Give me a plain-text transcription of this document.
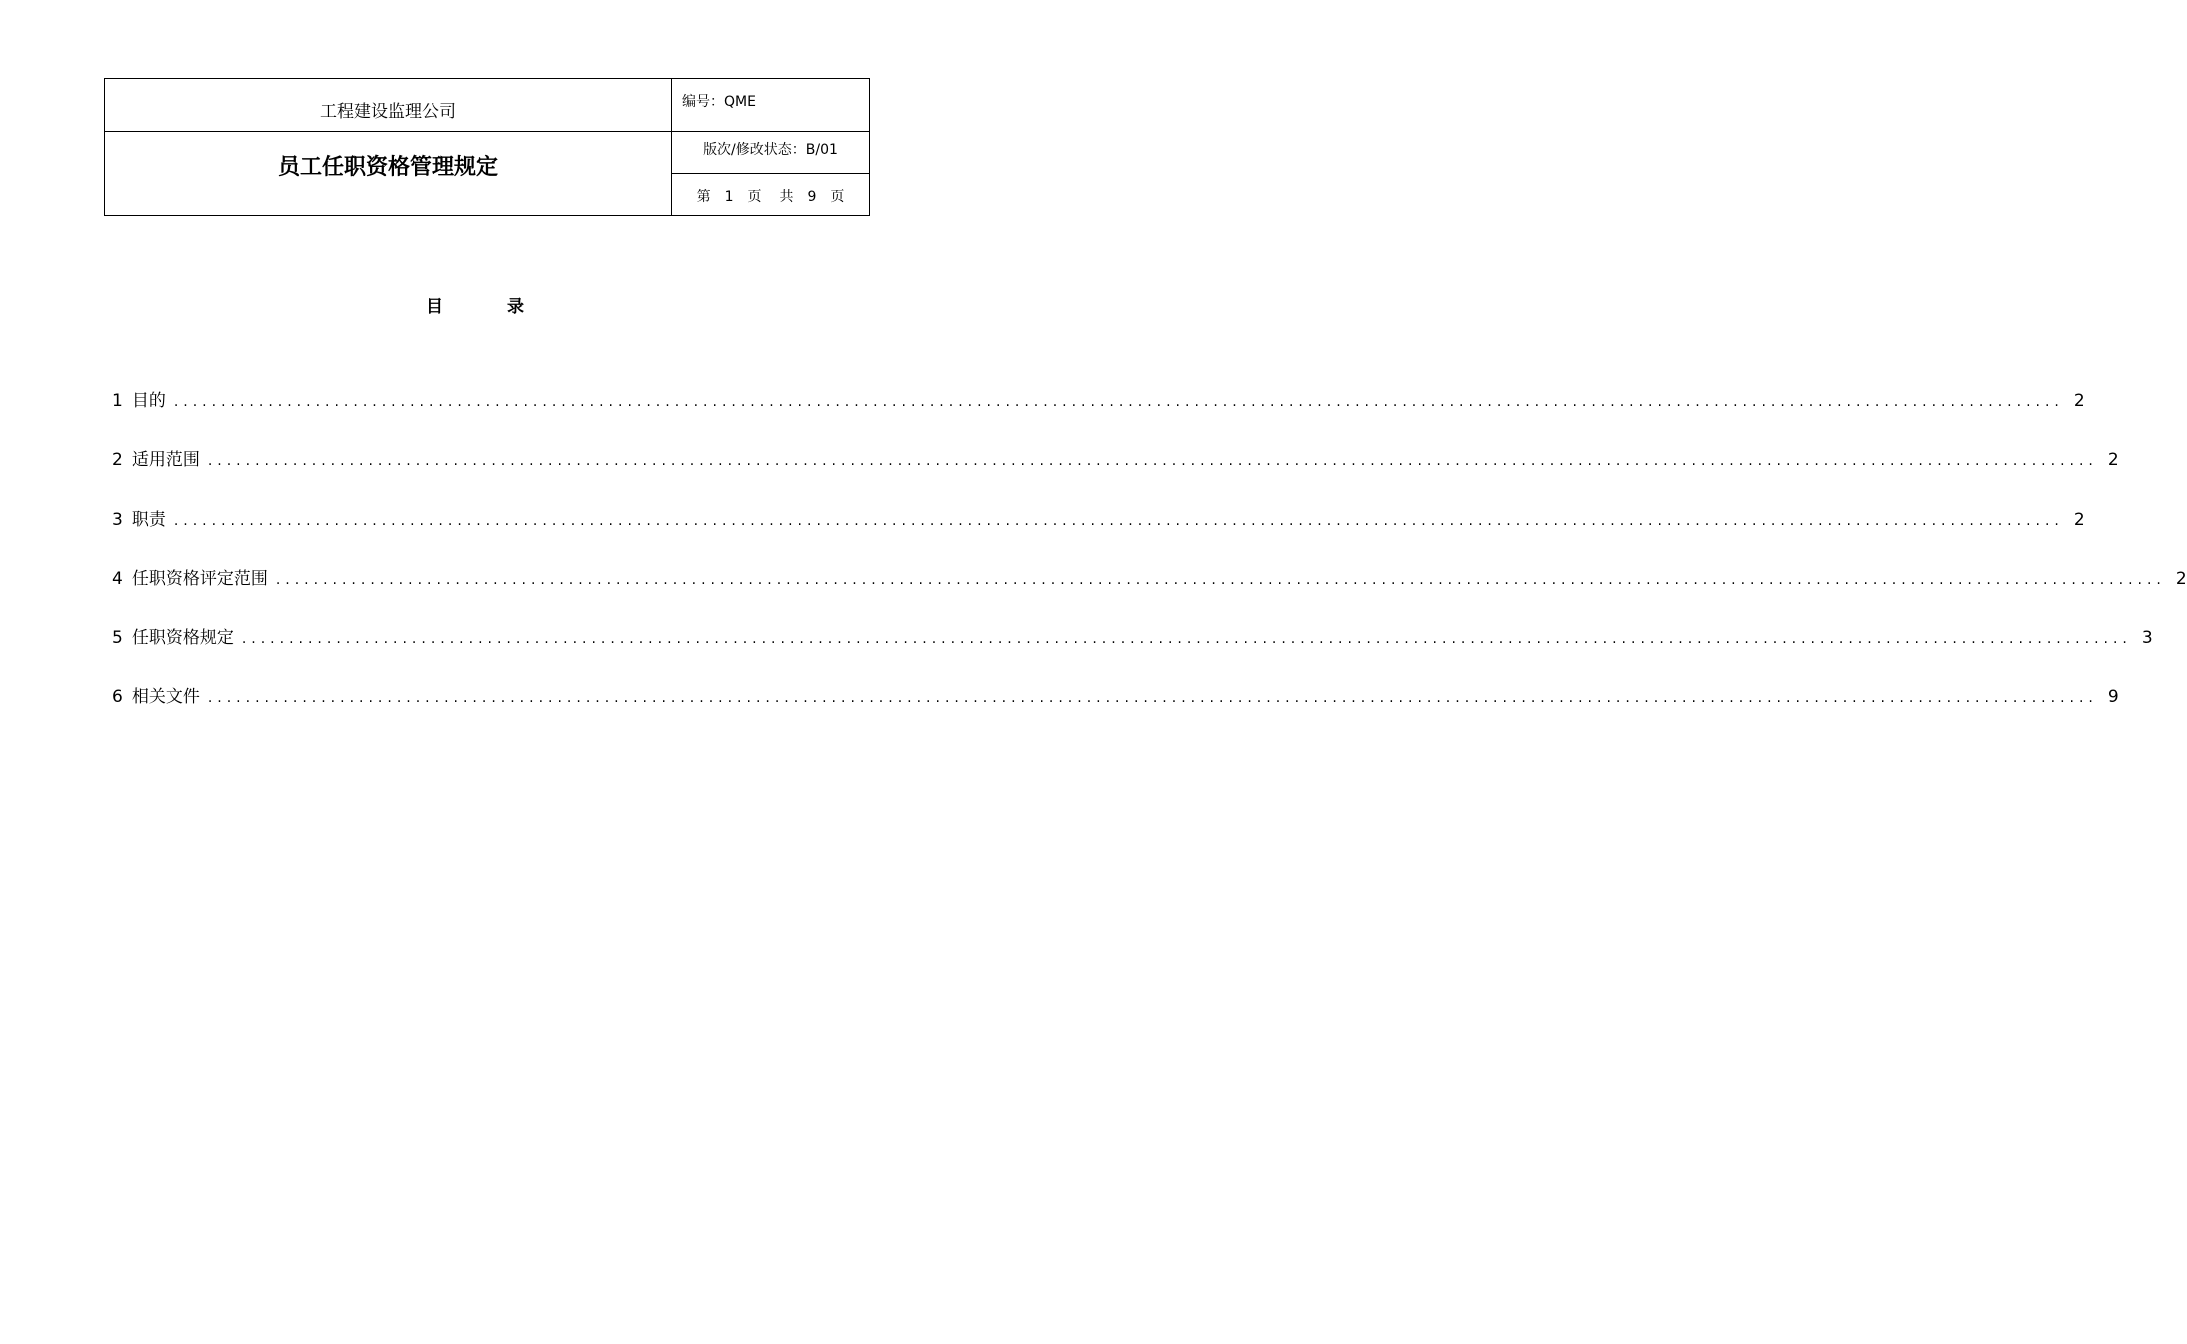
工程建设监理公司	编号：QME
员工任职资格管理规定	版次/修改状态：B/01
	第 1 页 共 9 页
目	录
1 目的 ........................................................................................................................................................................................................ 2
2 适用范围 ........................................................................................................................................................................................................ 2
3 职责 ........................................................................................................................................................................................................ 2
4 任职资格评定范围 ........................................................................................................................................................................................................ 2
5 任职资格规定 ........................................................................................................................................................................................................ 3
6 相关文件 ........................................................................................................................................................................................................ 9
